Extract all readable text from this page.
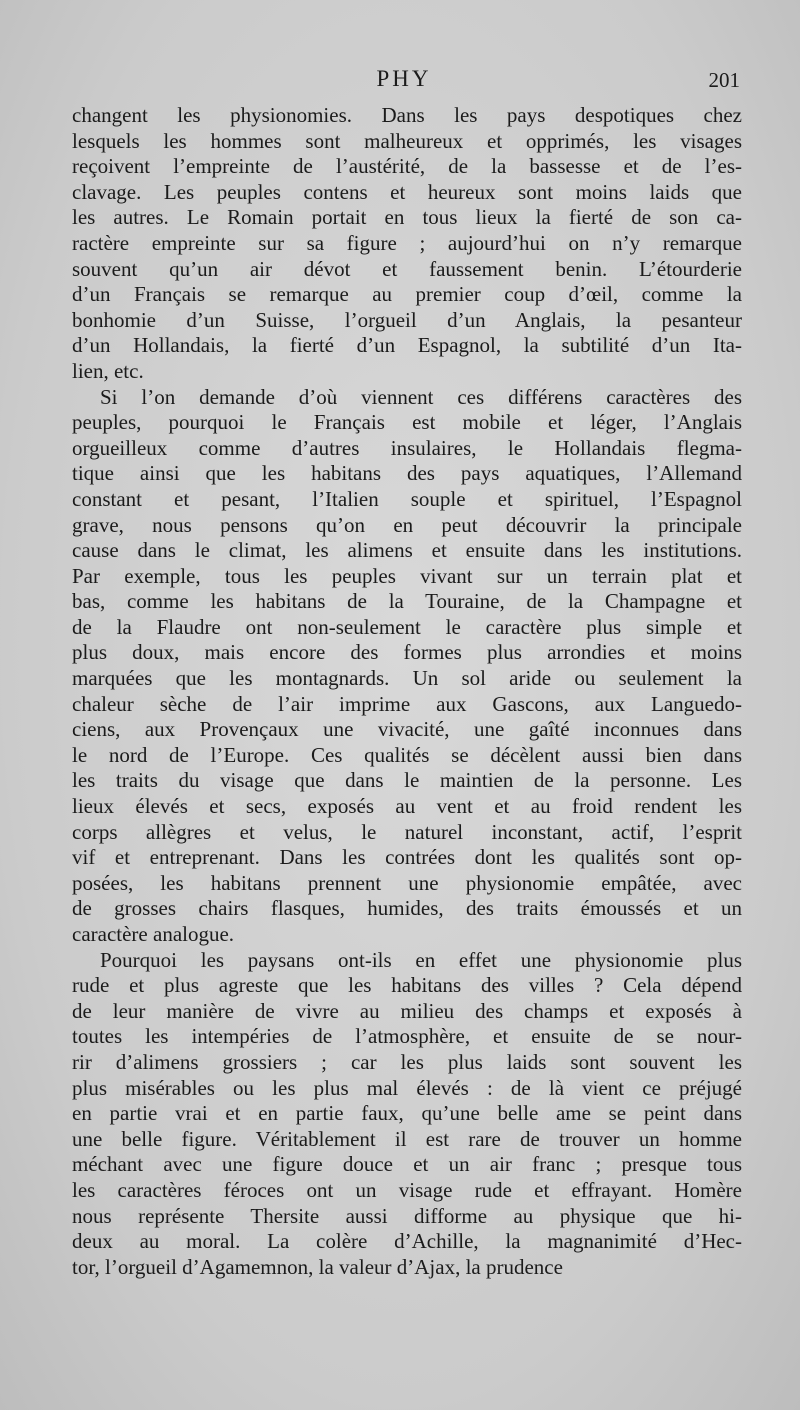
PHY	201

changent les physionomies. Dans les pays despotiques chez
lesquels les hommes sont malheureux et opprimés, les visages
reçoivent l’empreinte de l’austérité, de la bassesse et de l’es-
clavage. Les peuples contens et heureux sont moins laids que
les autres. Le Romain portait en tous lieux la fierté de son ca-
ractère empreinte sur sa figure ; aujourd’hui on n’y remarque
souvent qu’un air dévot et faussement benin. L’étourderie
d’un Français se remarque au premier coup d’œil, comme la
bonhomie d’un Suisse, l’orgueil d’un Anglais, la pesanteur
d’un Hollandais, la fierté d’un Espagnol, la subtilité d’un Ita-
lien, etc.

Si l’on demande d’où viennent ces différens caractères des
peuples, pourquoi le Français est mobile et léger, l’Anglais
orgueilleux comme d’autres insulaires, le Hollandais flegma-
tique ainsi que les habitans des pays aquatiques, l’Allemand
constant et pesant, l’Italien souple et spirituel, l’Espagnol
grave, nous pensons qu’on en peut découvrir la principale
cause dans le climat, les alimens et ensuite dans les institutions.
Par exemple, tous les peuples vivant sur un terrain plat et
bas, comme les habitans de la Touraine, de la Champagne et
de la Flaudre ont non-seulement le caractère plus simple et
plus doux, mais encore des formes plus arrondies et moins
marquées que les montagnards. Un sol aride ou seulement la
chaleur sèche de l’air imprime aux Gascons, aux Languedo-
ciens, aux Provençaux une vivacité, une gaîté inconnues dans
le nord de l’Europe. Ces qualités se décèlent aussi bien dans
les traits du visage que dans le maintien de la personne. Les
lieux élevés et secs, exposés au vent et au froid rendent les
corps allègres et velus, le naturel inconstant, actif, l’esprit
vif et entreprenant. Dans les contrées dont les qualités sont op-
posées, les habitans prennent une physionomie empâtée, avec
de grosses chairs flasques, humides, des traits émoussés et un
caractère analogue.

Pourquoi les paysans ont-ils en effet une physionomie plus
rude et plus agreste que les habitans des villes ? Cela dépend
de leur manière de vivre au milieu des champs et exposés à
toutes les intempéries de l’atmosphère, et ensuite de se nour-
rir d’alimens grossiers ; car les plus laids sont souvent les
plus misérables ou les plus mal élevés : de là vient ce préjugé
en partie vrai et en partie faux, qu’une belle ame se peint dans
une belle figure. Véritablement il est rare de trouver un homme
méchant avec une figure douce et un air franc ; presque tous
les caractères féroces ont un visage rude et effrayant. Homère
nous représente Thersite aussi difforme au physique que hi-
deux au moral. La colère d’Achille, la magnanimité d’Hec-
tor, l’orgueil d’Agamemnon, la valeur d’Ajax, la prudence
